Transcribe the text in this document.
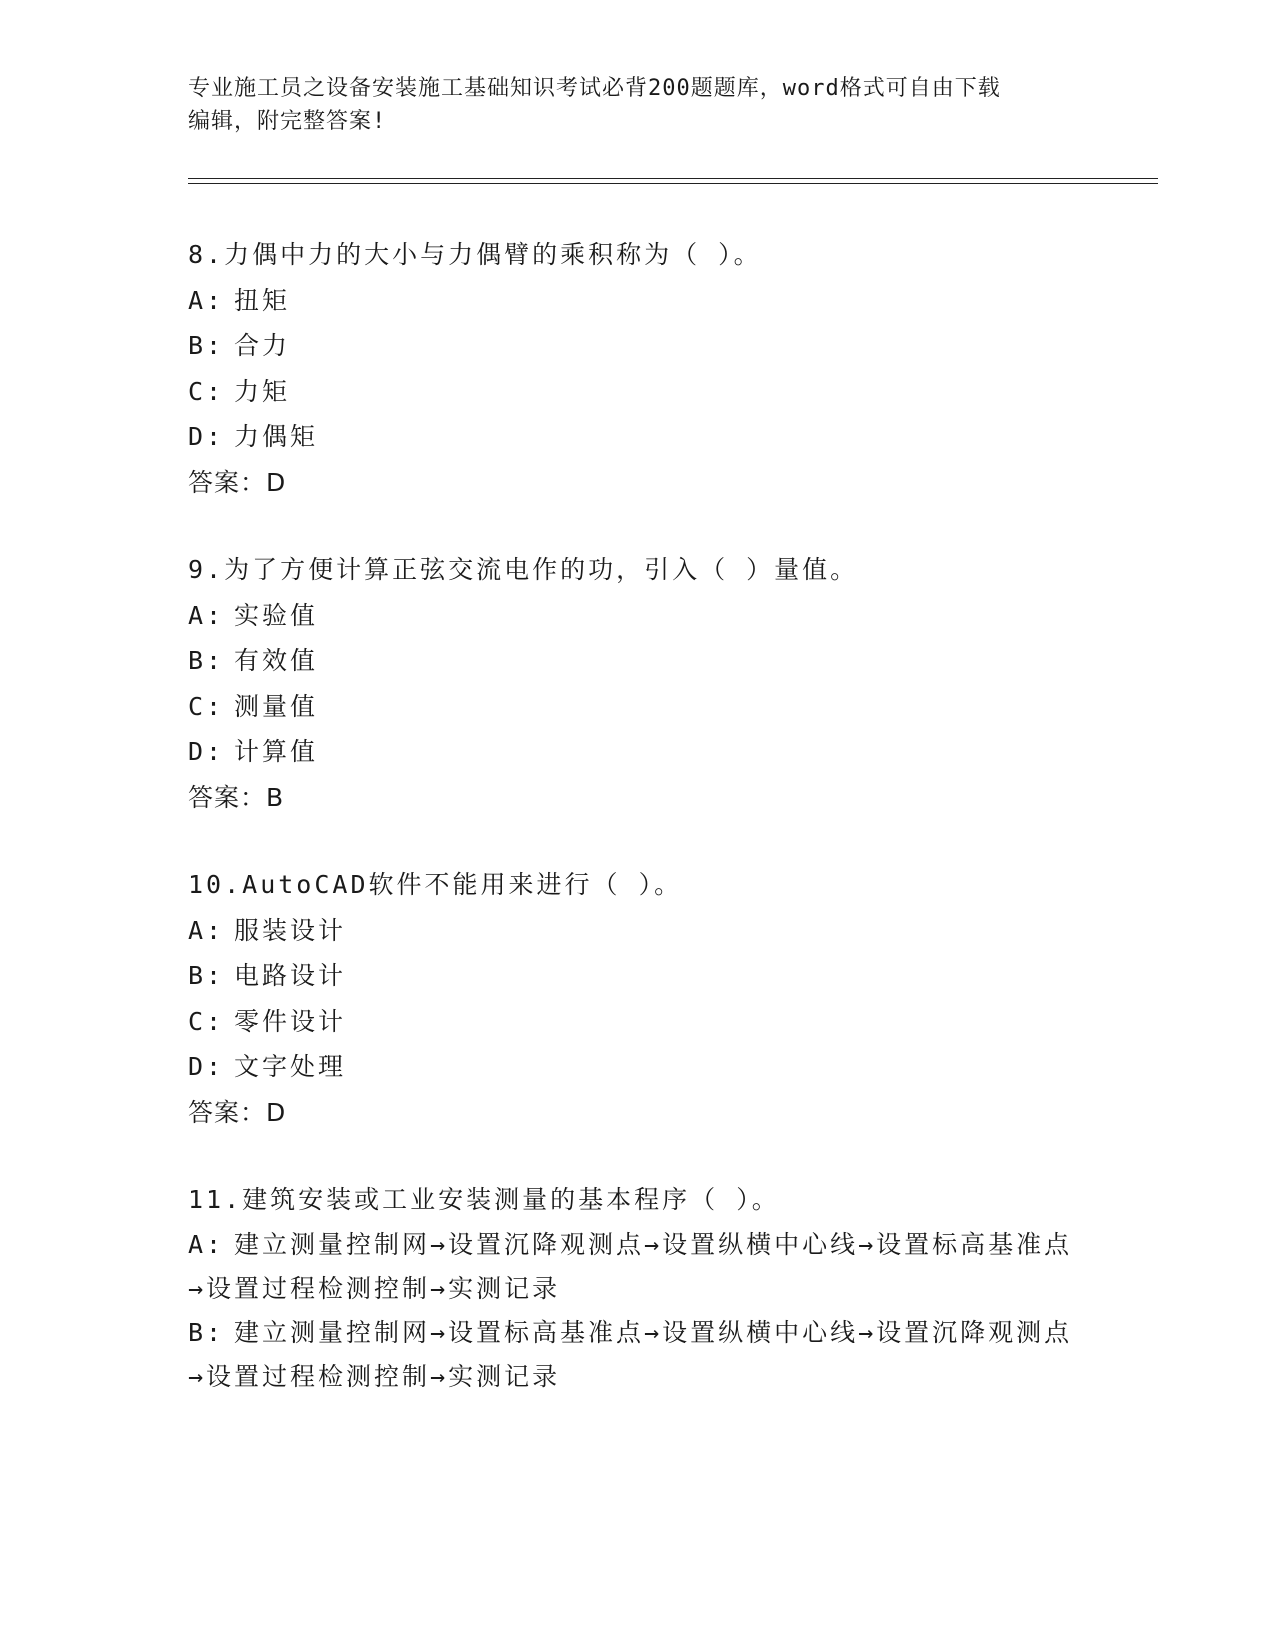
专业施工员之设备安装施工基础知识考试必背200题题库，word格式可自由下载
编辑，附完整答案!
8.力偶中力的大小与力偶臂的乘积称为（ ）。
A: 扭矩
B: 合力
C: 力矩
D: 力偶矩
答案：D
9.为了方便计算正弦交流电作的功，引入（ ）量值。
A: 实验值
B: 有效值
C: 测量值
D: 计算值
答案：B
10.AutoCAD软件不能用来进行（ ）。
A: 服装设计
B: 电路设计
C: 零件设计
D: 文字处理
答案：D
11.建筑安装或工业安装测量的基本程序（ ）。
A: 建立测量控制网→设置沉降观测点→设置纵横中心线→设置标高基准点→设置过程检测控制→实测记录
B: 建立测量控制网→设置标高基准点→设置纵横中心线→设置沉降观测点→设置过程检测控制→实测记录
